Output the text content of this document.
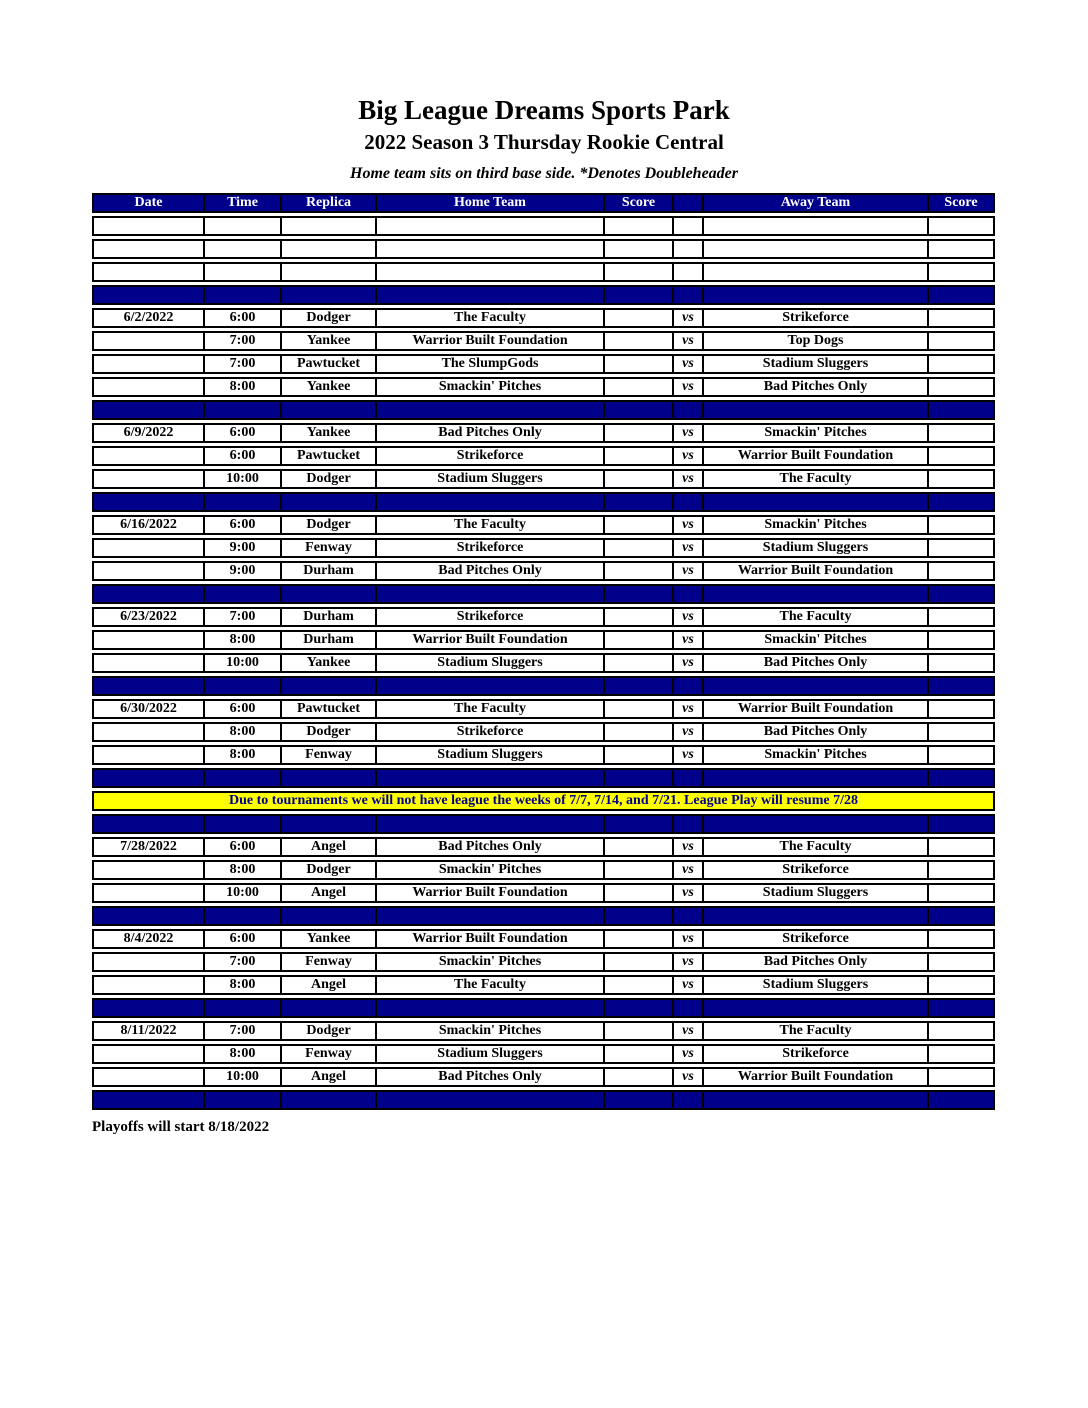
Big League Dreams Sports Park
2022 Season 3 Thursday Rookie Central

Home team sits on third base side. *Denotes Doubleheader

Date	Time	Replica	Home Team	Score		Away Team	Score

6/2/2022	6:00	Dodger	The Faculty		vs	Strikeforce	
	7:00	Yankee	Warrior Built Foundation		vs	Top Dogs	
	7:00	Pawtucket	The SlumpGods		vs	Stadium Sluggers	
	8:00	Yankee	Smackin' Pitches		vs	Bad Pitches Only	

6/9/2022	6:00	Yankee	Bad Pitches Only		vs	Smackin' Pitches	
	6:00	Pawtucket	Strikeforce		vs	Warrior Built Foundation	
	10:00	Dodger	Stadium Sluggers		vs	The Faculty	

6/16/2022	6:00	Dodger	The Faculty		vs	Smackin' Pitches	
	9:00	Fenway	Strikeforce		vs	Stadium Sluggers	
	9:00	Durham	Bad Pitches Only		vs	Warrior Built Foundation	

6/23/2022	7:00	Durham	Strikeforce		vs	The Faculty	
	8:00	Durham	Warrior Built Foundation		vs	Smackin' Pitches	
	10:00	Yankee	Stadium Sluggers		vs	Bad Pitches Only	

6/30/2022	6:00	Pawtucket	The Faculty		vs	Warrior Built Foundation	
	8:00	Dodger	Strikeforce		vs	Bad Pitches Only	
	8:00	Fenway	Stadium Sluggers		vs	Smackin' Pitches	

Due to tournaments we will not have league the weeks of 7/7, 7/14, and 7/21. League Play will resume 7/28							

7/28/2022	6:00	Angel	Bad Pitches Only		vs	The Faculty	
	8:00	Dodger	Smackin' Pitches		vs	Strikeforce	
	10:00	Angel	Warrior Built Foundation		vs	Stadium Sluggers	

8/4/2022	6:00	Yankee	Warrior Built Foundation		vs	Strikeforce	
	7:00	Fenway	Smackin' Pitches		vs	Bad Pitches Only	
	8:00	Angel	The Faculty		vs	Stadium Sluggers	

8/11/2022	7:00	Dodger	Smackin' Pitches		vs	The Faculty	
	8:00	Fenway	Stadium Sluggers		vs	Strikeforce	
	10:00	Angel	Bad Pitches Only		vs	Warrior Built Foundation	

Playoffs will start 8/18/2022
